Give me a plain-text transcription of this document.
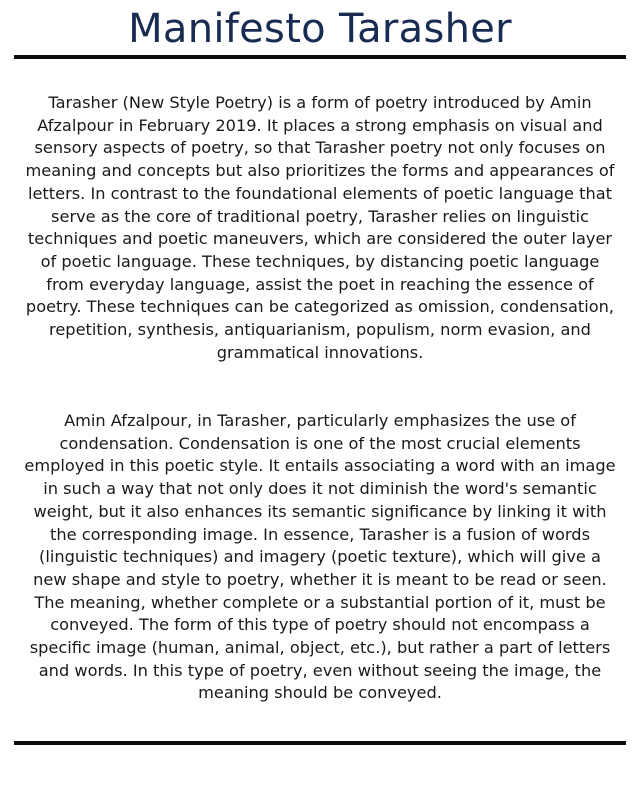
Manifesto Tarasher

Tarasher (New Style Poetry) is a form of poetry introduced by Amin Afzalpour in February 2019. It places a strong emphasis on visual and sensory aspects of poetry, so that Tarasher poetry not only focuses on meaning and concepts but also prioritizes the forms and appearances of letters. In contrast to the foundational elements of poetic language that serve as the core of traditional poetry, Tarasher relies on linguistic techniques and poetic maneuvers, which are considered the outer layer of poetic language. These techniques, by distancing poetic language from everyday language, assist the poet in reaching the essence of poetry. These techniques can be categorized as omission, condensation, repetition, synthesis, antiquarianism, populism, norm evasion, and grammatical innovations.

Amin Afzalpour, in Tarasher, particularly emphasizes the use of condensation. Condensation is one of the most crucial elements employed in this poetic style. It entails associating a word with an image in such a way that not only does it not diminish the word's semantic weight, but it also enhances its semantic significance by linking it with the corresponding image. In essence, Tarasher is a fusion of words (linguistic techniques) and imagery (poetic texture), which will give a new shape and style to poetry, whether it is meant to be read or seen. The meaning, whether complete or a substantial portion of it, must be conveyed. The form of this type of poetry should not encompass a specific image (human, animal, object, etc.), but rather a part of letters and words. In this type of poetry, even without seeing the image, the meaning should be conveyed.
